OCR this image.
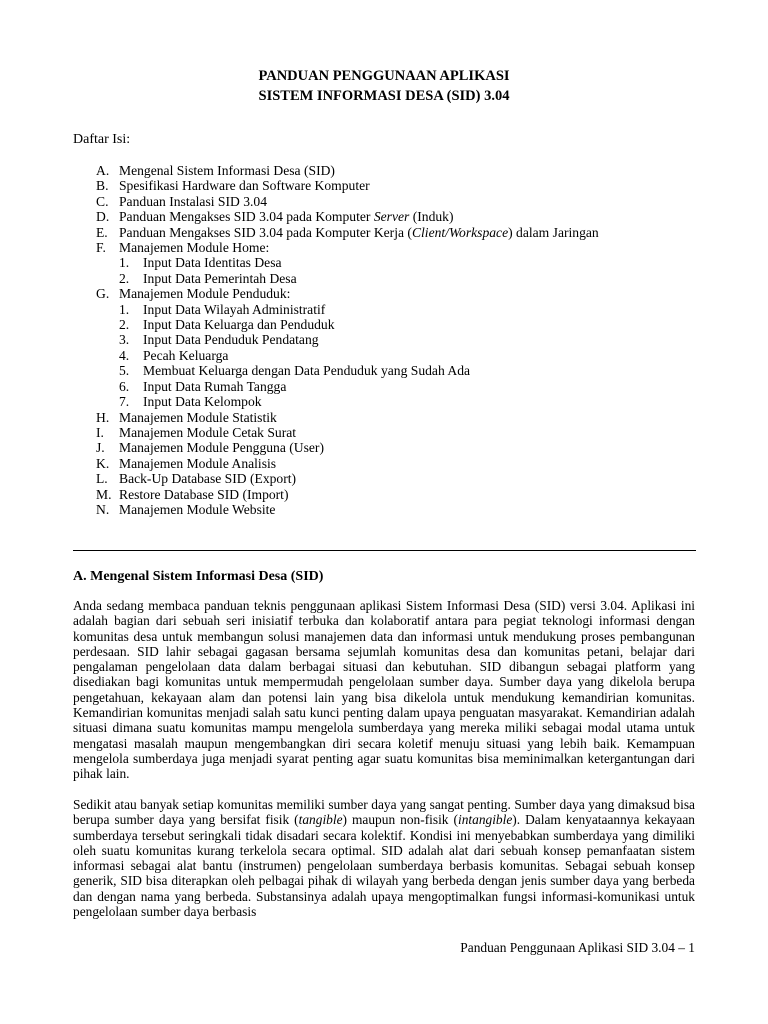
PANDUAN PENGGUNAAN APLIKASI
SISTEM INFORMASI DESA (SID) 3.04
Daftar Isi:
A. Mengenal Sistem Informasi Desa (SID)
B. Spesifikasi Hardware dan Software Komputer
C. Panduan Instalasi SID 3.04
D. Panduan Mengakses SID 3.04 pada Komputer Server (Induk)
E. Panduan Mengakses SID 3.04 pada Komputer Kerja (Client/Workspace) dalam Jaringan
F. Manajemen Module Home:
1. Input Data Identitas Desa
2. Input Data Pemerintah Desa
G. Manajemen Module Penduduk:
1. Input Data Wilayah Administratif
2. Input Data Keluarga dan Penduduk
3. Input Data Penduduk Pendatang
4. Pecah Keluarga
5. Membuat Keluarga dengan Data Penduduk yang Sudah Ada
6. Input Data Rumah Tangga
7. Input Data Kelompok
H. Manajemen Module Statistik
I. Manajemen Module Cetak Surat
J. Manajemen Module Pengguna (User)
K. Manajemen Module Analisis
L. Back-Up Database SID (Export)
M. Restore Database SID (Import)
N. Manajemen Module Website
A. Mengenal Sistem Informasi Desa (SID)

Anda sedang membaca panduan teknis penggunaan aplikasi Sistem Informasi Desa (SID) versi 3.04. Aplikasi ini adalah bagian dari sebuah seri inisiatif terbuka dan kolaboratif antara para pegiat teknologi informasi dengan komunitas desa untuk membangun solusi manajemen data dan informasi untuk mendukung proses pembangunan perdesaan. SID lahir sebagai gagasan bersama sejumlah komunitas desa dan komunitas petani, belajar dari pengalaman pengelolaan data dalam berbagai situasi dan kebutuhan. SID dibangun sebagai platform yang disediakan bagi komunitas untuk mempermudah pengelolaan sumber daya. Sumber daya yang dikelola berupa pengetahuan, kekayaan alam dan potensi lain yang bisa dikelola untuk mendukung kemandirian komunitas. Kemandirian komunitas menjadi salah satu kunci penting dalam upaya penguatan masyarakat. Kemandirian adalah situasi dimana suatu komunitas mampu mengelola sumberdaya yang mereka miliki sebagai modal utama untuk mengatasi masalah maupun mengembangkan diri secara koletif menuju situasi yang lebih baik. Kemampuan mengelola sumberdaya juga menjadi syarat penting agar suatu komunitas bisa meminimalkan ketergantungan dari pihak lain.

Sedikit atau banyak setiap komunitas memiliki sumber daya yang sangat penting. Sumber daya yang dimaksud bisa berupa sumber daya yang bersifat fisik (tangible) maupun non-fisik (intangible). Dalam kenyataannya kekayaan sumberdaya tersebut seringkali tidak disadari secara kolektif. Kondisi ini menyebabkan sumberdaya yang dimiliki oleh suatu komunitas kurang terkelola secara optimal. SID adalah alat dari sebuah konsep pemanfaatan sistem informasi sebagai alat bantu (instrumen) pengelolaan sumberdaya berbasis komunitas. Sebagai sebuah konsep generik, SID bisa diterapkan oleh pelbagai pihak di wilayah yang berbeda dengan jenis sumber daya yang berbeda dan dengan nama yang berbeda. Substansinya adalah upaya mengoptimalkan fungsi informasi-komunikasi untuk pengelolaan sumber daya berbasis

Panduan Penggunaan Aplikasi SID 3.04 – 1
